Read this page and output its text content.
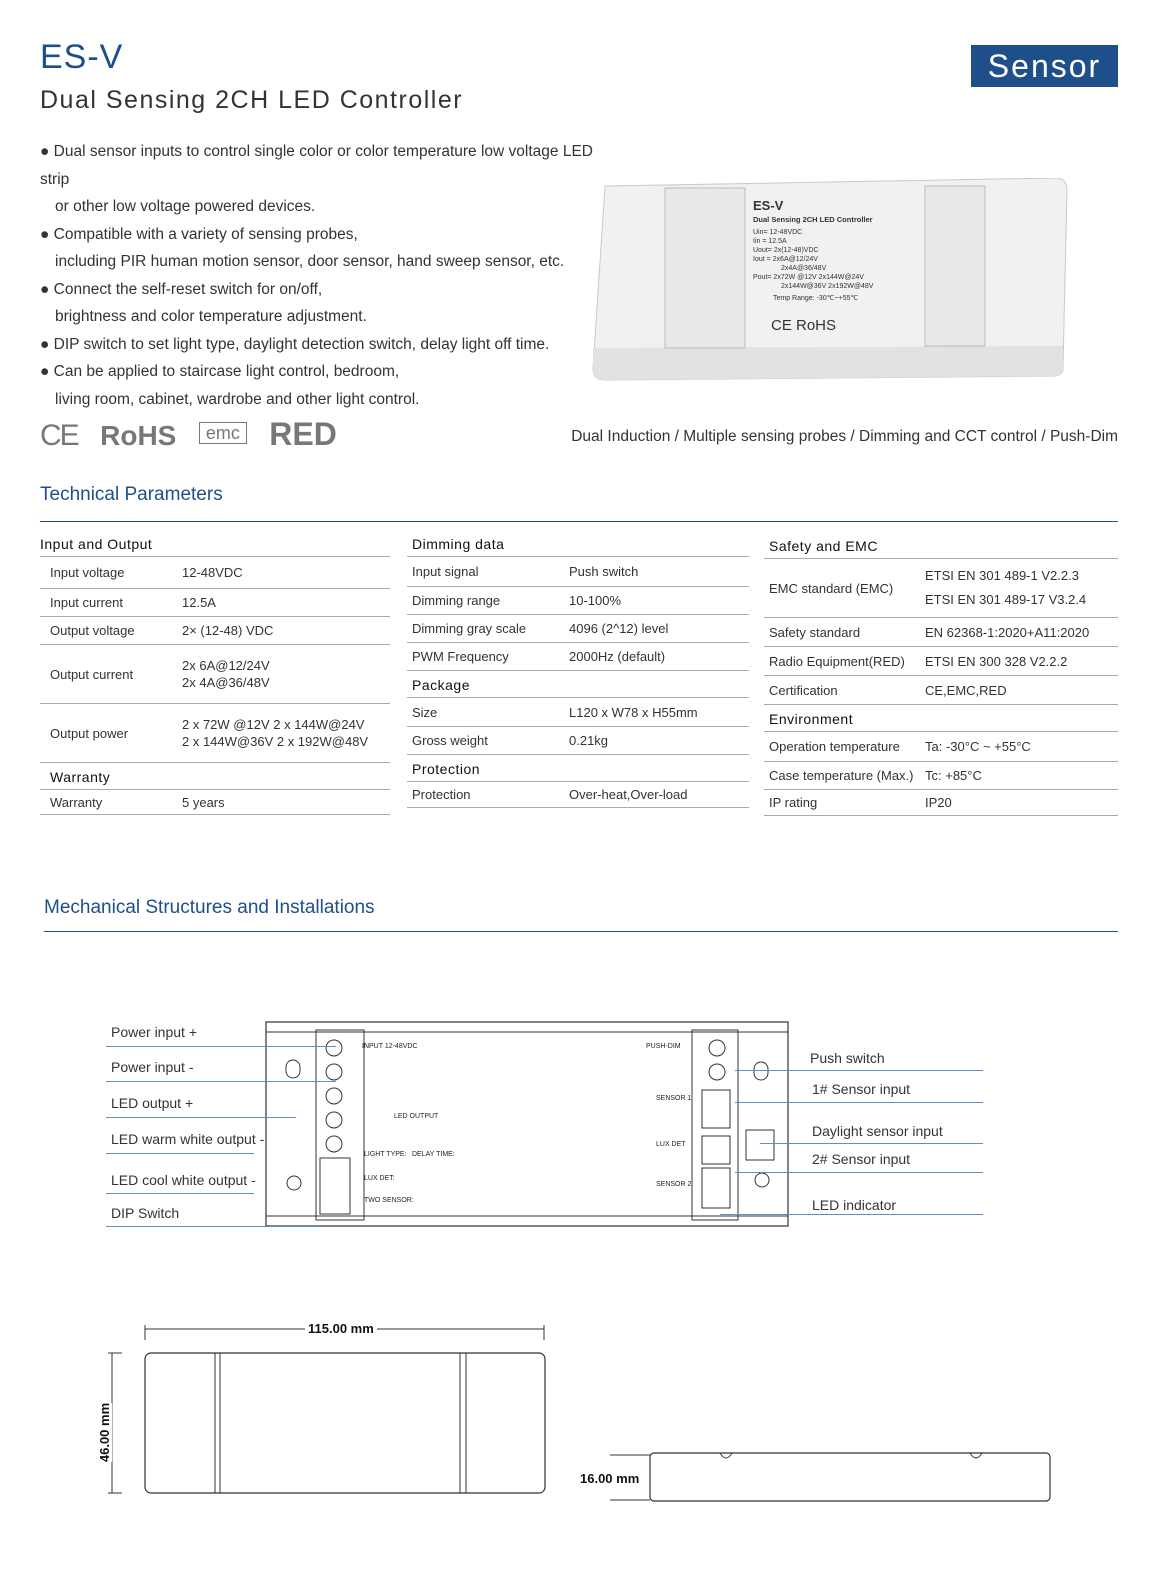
ES-V
Dual Sensing 2CH LED Controller
Sensor

● Dual sensor inputs to control single color or color temperature low voltage LED strip

or other low voltage powered devices.

● Compatible with a variety of sensing probes,

including PIR human motion sensor, door sensor, hand sweep sensor, etc.

● Connect the self-reset switch for on/off,

brightness and color temperature adjustment.

● DIP switch to set light type, daylight detection switch, delay light off time.

● Can be applied to staircase light control, bedroom,

living room, cabinet, wardrobe and other light control.

ES-V
Dual Sensing 2CH LED Controller
Uin= 12-48VDC
Iin = 12.5A
Uout= 2x(12-48)VDC
Iout = 2x6A@12/24V
2x4A@36/48V
Pout= 2x72W @12V 2x144W@24V
2x144W@36V 2x192W@48V
Temp Range: -30℃~+55℃
CE RoHS
CE RoHS emc RED	Dual Induction / Multiple sensing probes / Dimming and CCT control / Push-Dim
Technical Parameters
Input and Output
Input voltage	12-48VDC
Input current	12.5A
Output voltage	2× (12-48) VDC
Output current
2x 6A@12/24V
2x 4A@36/48V
Output power
2 x 72W @12V 2 x 144W@24V
2 x 144W@36V 2 x 192W@48V
Warranty
Warranty	5 years
Dimming data
Input signal	Push switch
Dimming range	10-100%
Dimming gray scale	4096 (2^12) level
PWM Frequency	2000Hz (default)
Package
Size	L120 x W78 x H55mm
Gross weight	0.21kg
Protection
Protection	Over-heat,Over-load
Safety and EMC
EMC standard (EMC)
ETSI EN 301 489-1 V2.2.3
ETSI EN 301 489-17 V3.2.4
Safety standard	EN 62368-1:2020+A11:2020
Radio Equipment(RED)	ETSI EN 300 328 V2.2.2
Certification	CE,EMC,RED
Environment
Operation temperature	Ta: -30°C ~ +55°C
Case temperature (Max.) Tc: +85°C
IP rating	IP20
Mechanical Structures and Installations
INPUT 12-48VDC
LED OUTPUT
LIGHT TYPE: DELAY TIME:
LUX DET:
TWO SENSOR:
PUSH-DIM
SENSOR 1
LUX DET
SENSOR 2
Power input +
Power input -
LED output +
LED warm white output -
LED cool white output -
DIP Switch
Push switch
1# Sensor input
Daylight sensor input
2# Sensor input
LED indicator
115.00 mm
46.00 mm
16.00 mm
